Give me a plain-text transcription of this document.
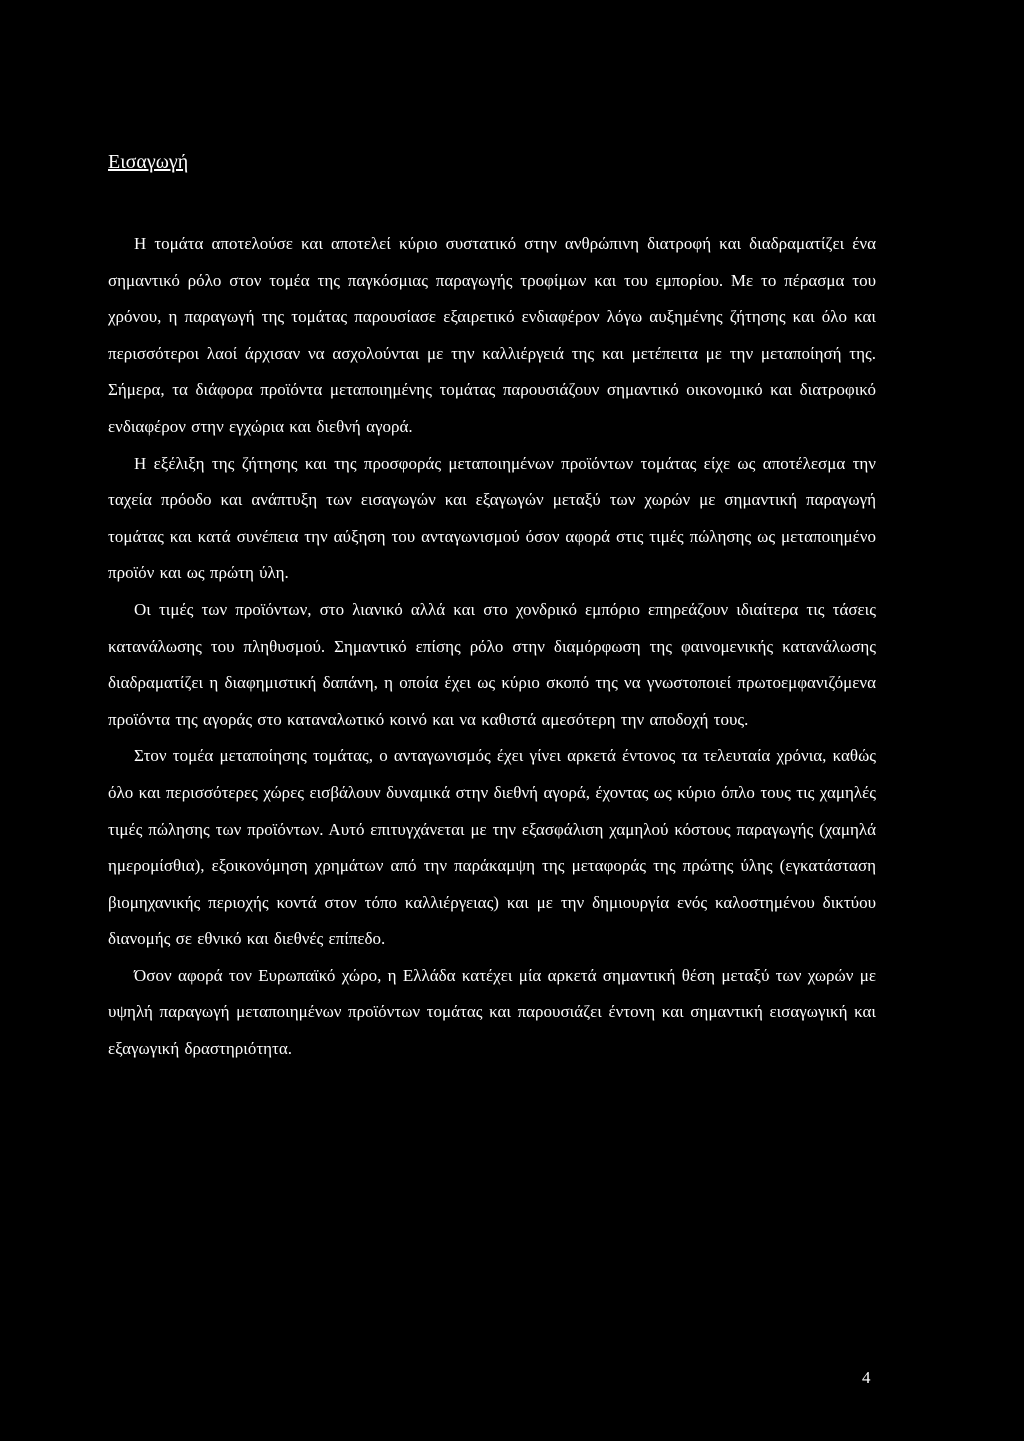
Εισαγωγή

Η τομάτα αποτελούσε και αποτελεί κύριο συστατικό στην ανθρώπινη διατροφή και διαδραματίζει ένα σημαντικό ρόλο στον τομέα της παγκόσμιας παραγωγής τροφίμων και του εμπορίου. Με το πέρασμα του χρόνου, η παραγωγή της τομάτας παρουσίασε εξαιρετικό ενδιαφέρον λόγω αυξημένης ζήτησης και όλο και περισσότεροι λαοί άρχισαν να ασχολούνται με την καλλιέργειά της και μετέπειτα με την μεταποίησή της. Σήμερα, τα διάφορα προϊόντα μεταποιημένης τομάτας παρουσιάζουν σημαντικό οικονομικό και διατροφικό ενδιαφέρον στην εγχώρια και διεθνή αγορά.

Η εξέλιξη της ζήτησης και της προσφοράς μεταποιημένων προϊόντων τομάτας είχε ως αποτέλεσμα την ταχεία πρόοδο και ανάπτυξη των εισαγωγών και εξαγωγών μεταξύ των χωρών με σημαντική παραγωγή τομάτας και κατά συνέπεια την αύξηση του ανταγωνισμού όσον αφορά στις τιμές πώλησης ως μεταποιημένο προϊόν και ως πρώτη ύλη.

Οι τιμές των προϊόντων, στο λιανικό αλλά και στο χονδρικό εμπόριο επηρεάζουν ιδιαίτερα τις τάσεις κατανάλωσης του πληθυσμού. Σημαντικό επίσης ρόλο στην διαμόρφωση της φαινομενικής κατανάλωσης διαδραματίζει η διαφημιστική δαπάνη, η οποία έχει ως κύριο σκοπό της να γνωστοποιεί πρωτοεμφανιζόμενα προϊόντα της αγοράς στο καταναλωτικό κοινό και να καθιστά αμεσότερη την αποδοχή τους.

Στον τομέα μεταποίησης τομάτας, ο ανταγωνισμός έχει γίνει αρκετά έντονος τα τελευταία χρόνια, καθώς όλο και περισσότερες χώρες εισβάλουν δυναμικά στην διεθνή αγορά, έχοντας ως κύριο όπλο τους τις χαμηλές τιμές πώλησης των προϊόντων. Αυτό επιτυγχάνεται με την εξασφάλιση χαμηλού κόστους παραγωγής (χαμηλά ημερομίσθια), εξοικονόμηση χρημάτων από την παράκαμψη της μεταφοράς της πρώτης ύλης (εγκατάσταση βιομηχανικής περιοχής κοντά στον τόπο καλλιέργειας) και με την δημιουργία ενός καλοστημένου δικτύου διανομής σε εθνικό και διεθνές επίπεδο.

Όσον αφορά τον Ευρωπαϊκό χώρο, η Ελλάδα κατέχει μία αρκετά σημαντική θέση μεταξύ των χωρών με υψηλή παραγωγή μεταποιημένων προϊόντων τομάτας και παρουσιάζει έντονη και σημαντική εισαγωγική και εξαγωγική δραστηριότητα.

4
